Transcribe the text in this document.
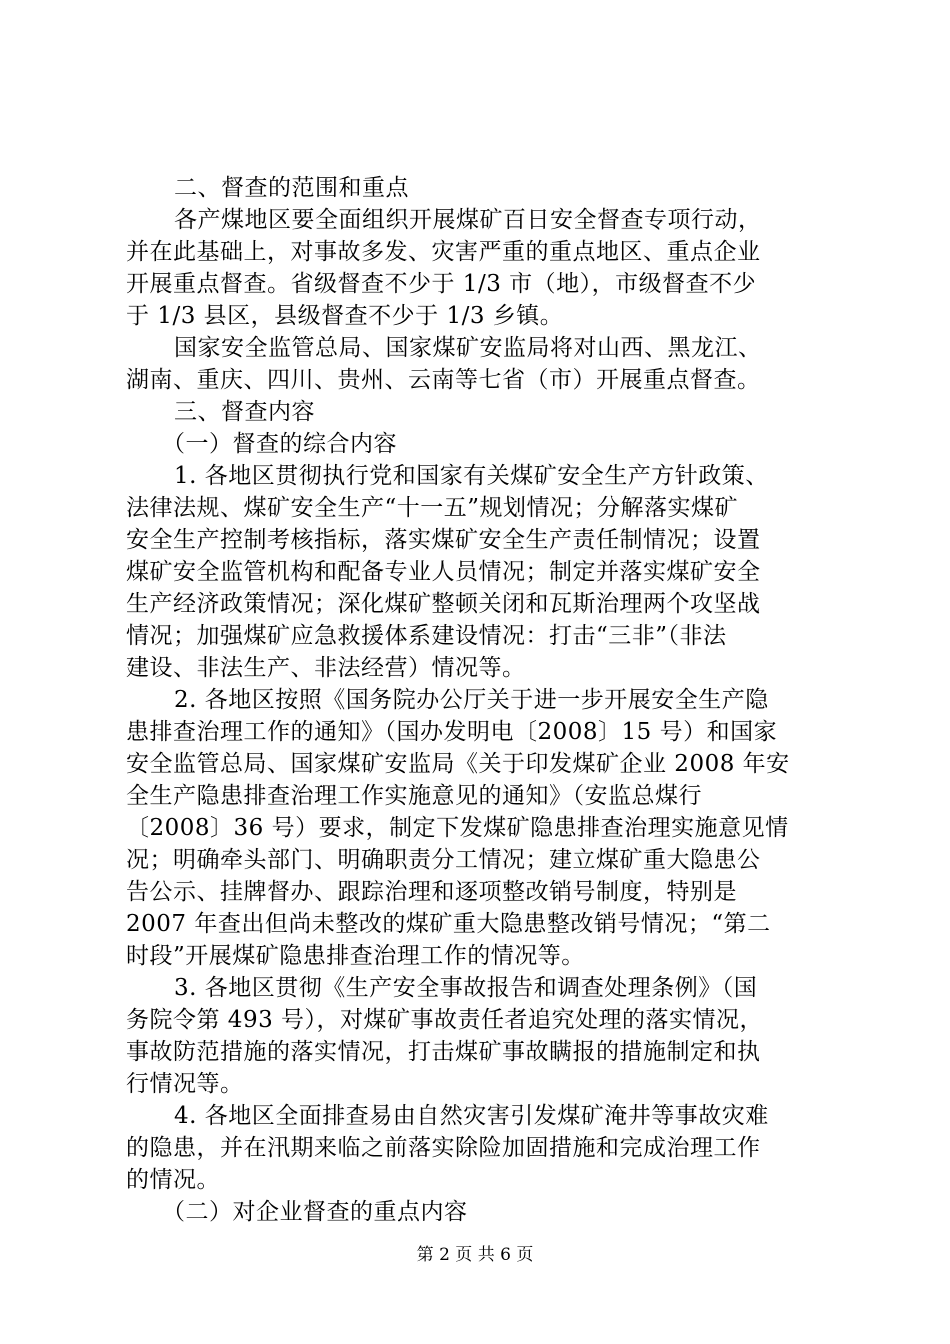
二、督查的范围和重点
各产煤地区要全面组织开展煤矿百日安全督查专项行动，
并在此基础上，对事故多发、灾害严重的重点地区、重点企业
开展重点督查。省级督查不少于 1/3 市（地），市级督查不少
于 1/3 县区，县级督查不少于 1/3 乡镇。
国家安全监管总局、国家煤矿安监局将对山西、黑龙江、
湖南、重庆、四川、贵州、云南等七省（市）开展重点督查。
三、督查内容
（一）督查的综合内容
1. 各地区贯彻执行党和国家有关煤矿安全生产方针政策、
法律法规、煤矿安全生产“十一五”规划情况；分解落实煤矿
安全生产控制考核指标，落实煤矿安全生产责任制情况；设置
煤矿安全监管机构和配备专业人员情况；制定并落实煤矿安全
生产经济政策情况；深化煤矿整顿关闭和瓦斯治理两个攻坚战
情况；加强煤矿应急救援体系建设情况：打击“三非”（非法
建设、非法生产、非法经营）情况等。
2. 各地区按照《国务院办公厅关于进一步开展安全生产隐
患排查治理工作的通知》（国办发明电〔2008〕15 号）和国家
安全监管总局、国家煤矿安监局《关于印发煤矿企业 2008 年安
全生产隐患排查治理工作实施意见的通知》（安监总煤行
〔2008〕36 号）要求，制定下发煤矿隐患排查治理实施意见情
况；明确牵头部门、明确职责分工情况；建立煤矿重大隐患公
告公示、挂牌督办、跟踪治理和逐项整改销号制度，特别是
2007 年查出但尚未整改的煤矿重大隐患整改销号情况；“第二
时段”开展煤矿隐患排查治理工作的情况等。
3. 各地区贯彻《生产安全事故报告和调查处理条例》（国
务院令第 493 号），对煤矿事故责任者追究处理的落实情况，
事故防范措施的落实情况，打击煤矿事故瞒报的措施制定和执
行情况等。
4. 各地区全面排查易由自然灾害引发煤矿淹井等事故灾难
的隐患，并在汛期来临之前落实除险加固措施和完成治理工作
的情况。
（二）对企业督查的重点内容
第 2 页 共 6 页
